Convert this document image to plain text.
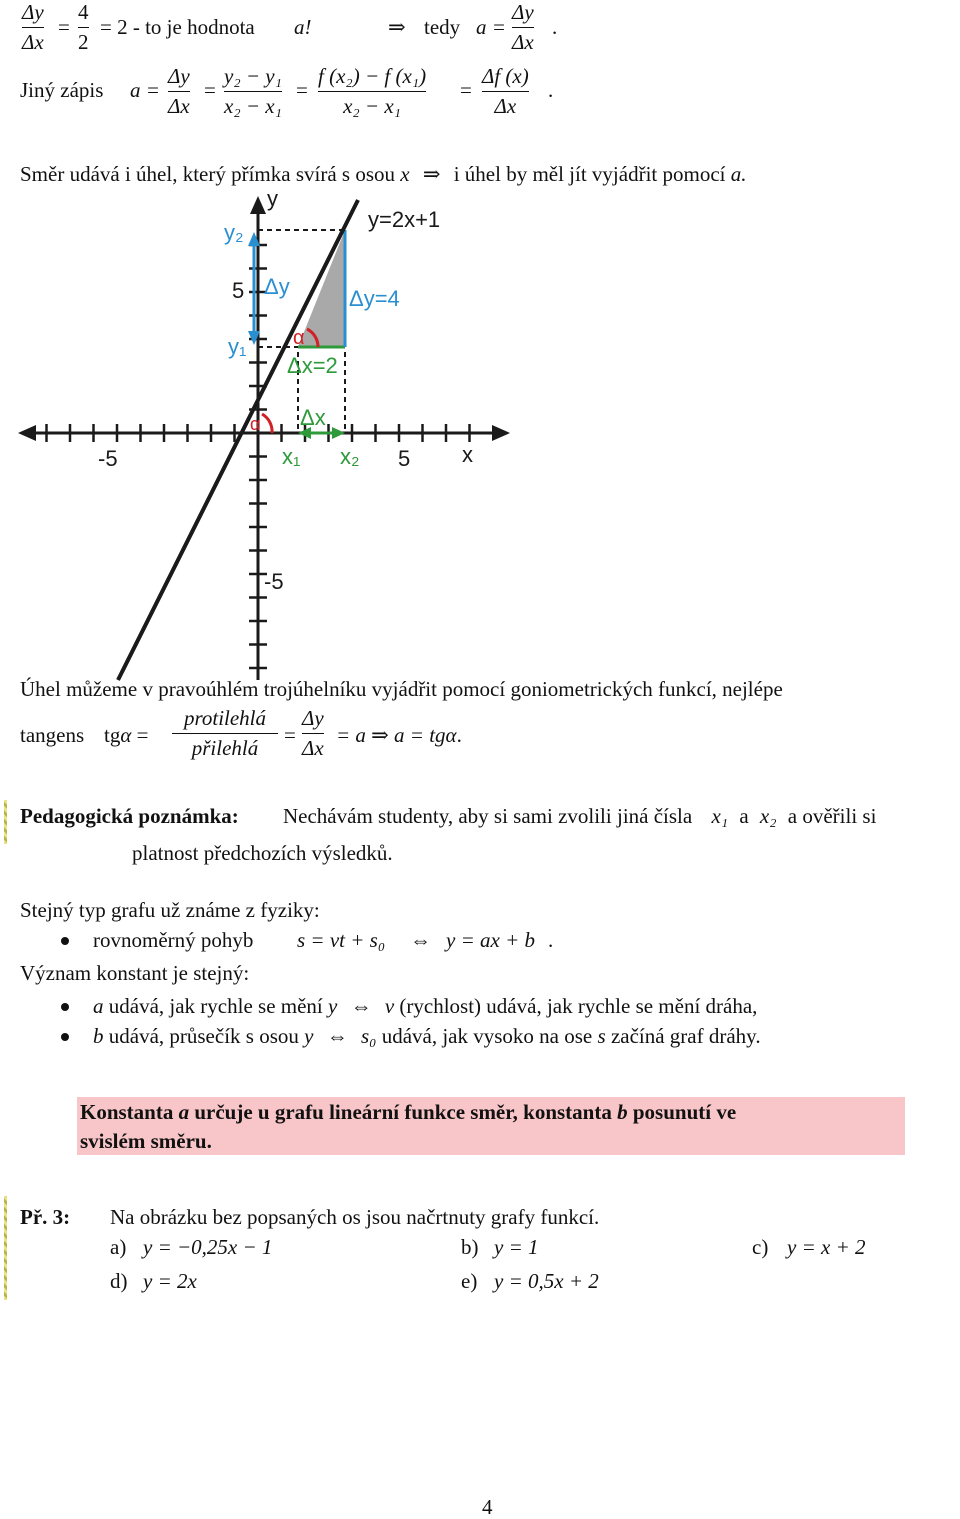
Δy
Δx
=
4
2
= 2 - to je hodnota a!	⇒ tedy a =
Δy
Δx
.
Jiný zápis a =
Δy
Δx
=
y₂ − y₁
x₂ − x₁
=
f (x₂) − f (x₁)
x₂ − x₁
=
Δf (x)
Δx
.
Směr udává i úhel, který přímka svírá s osou x ⇒ i úhel by měl jít vyjádřit pomocí a.
y
y=2x+1
y₂
5 Δy	Δy=4
y₁ α
Δx=2
Δx
α
-5	x₁ x₂ 5 x
-5
Úhel můžeme v pravoúhlém trojúhelníku vyjádřit pomocí goniometrických funkcí, nejlépe
tangens tgα =
protilehlá
přilehlá
=
Δy
Δx
= a ⇒ a = tgα.
Pedagogická poznámka: Nechávám studenty, aby si sami zvolili jiná čísla x₁ a x₂ a ověřili si
platnost předchozích výsledků.
Stejný typ grafu už známe z fyziky:
rovnoměrný pohyb s = vt + s₀ ⇔ y = ax + b .
Význam konstant je stejný:
a udává, jak rychle se mění y ⇔ v (rychlost) udává, jak rychle se mění dráha,
b udává, průsečík s osou y ⇔ s₀ udává, jak vysoko na ose s začíná graf dráhy.
Konstanta a určuje u grafu lineární funkce směr, konstanta b posunutí ve
svislém směru.
Př. 3: Na obrázku bez popsaných os jsou načrtnuty grafy funkcí.
a) y = −0,25x − 1	b) y = 1	c) y = x + 2
d) y = 2x	e) y = 0,5x + 2
4
